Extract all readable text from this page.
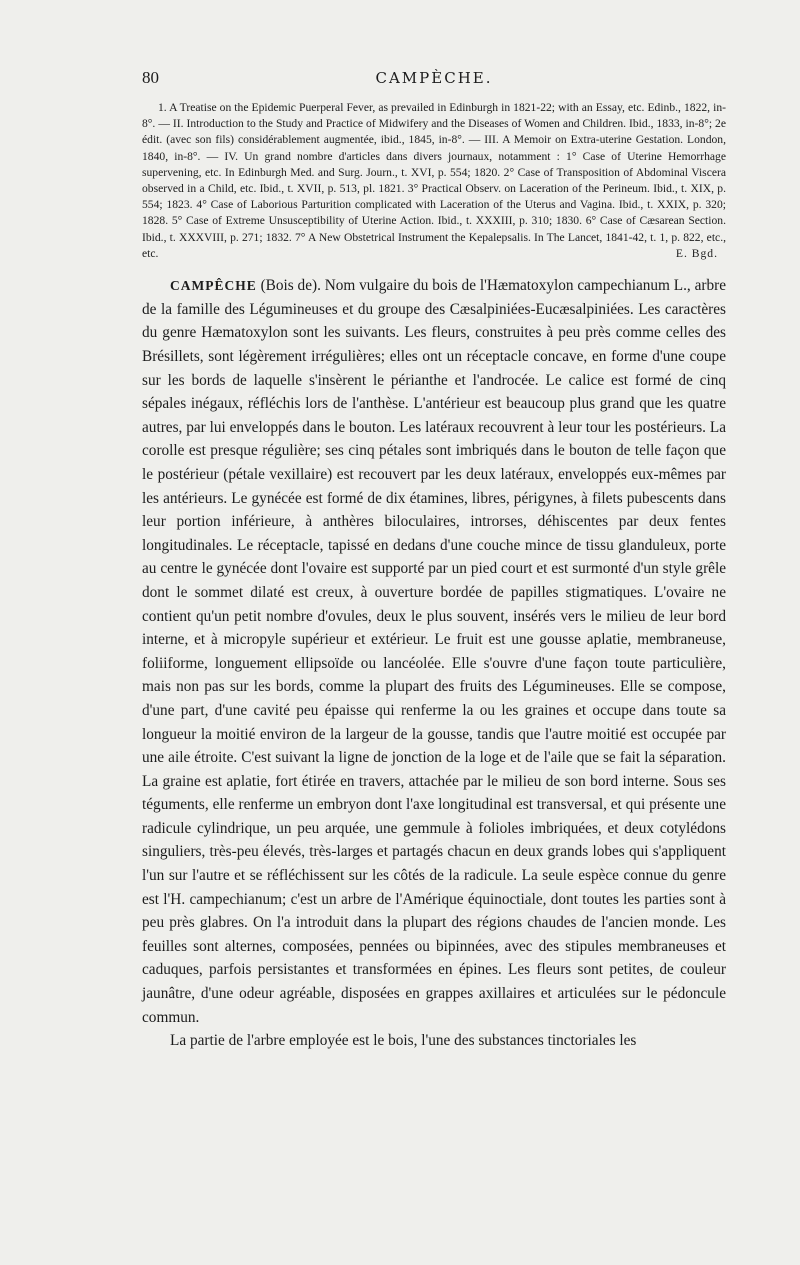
80	CAMPÈCHE.

1. A Treatise on the Epidemic Puerperal Fever, as prevailed in Edinburgh in 1821-22; with an Essay, etc. Edinb., 1822, in-8°. — II. Introduction to the Study and Practice of Midwifery and the Diseases of Women and Children. Ibid., 1833, in-8°; 2e édit. (avec son fils) considérablement augmentée, ibid., 1845, in-8°. — III. A Memoir on Extra-uterine Gestation. London, 1840, in-8°. — IV. Un grand nombre d'articles dans divers journaux, notamment : 1° Case of Uterine Hemorrhage supervening, etc. In Edinburgh Med. and Surg. Journ., t. XVI, p. 554; 1820. 2° Case of Transposition of Abdominal Viscera observed in a Child, etc. Ibid., t. XVII, p. 513, pl. 1821. 3° Practical Observ. on Laceration of the Perineum. Ibid., t. XIX, p. 554; 1823. 4° Case of Laborious Parturition complicated with Laceration of the Uterus and Vagina. Ibid., t. XXIX, p. 320; 1828. 5° Case of Extreme Unsusceptibility of Uterine Action. Ibid., t. XXXIII, p. 310; 1830. 6° Case of Cæsarean Section. Ibid., t. XXXVIII, p. 271; 1832. 7° A New Obstetrical Instrument the Kepalepsalis. In The Lancet, 1841-42, t. 1, p. 822, etc., etc.	E. Bgd.

CAMPÊCHE (Bois de). Nom vulgaire du bois de l'Hæmatoxylon campechianum L., arbre de la famille des Légumineuses et du groupe des Cæsalpiniées-Eucæsalpiniées. Les caractères du genre Hæmatoxylon sont les suivants. Les fleurs, construites à peu près comme celles des Brésillets, sont légèrement irrégulières; elles ont un réceptacle concave, en forme d'une coupe sur les bords de laquelle s'insèrent le périanthe et l'androcée. Le calice est formé de cinq sépales inégaux, réfléchis lors de l'anthèse. L'antérieur est beaucoup plus grand que les quatre autres, par lui enveloppés dans le bouton. Les latéraux recouvrent à leur tour les postérieurs. La corolle est presque régulière; ses cinq pétales sont imbriqués dans le bouton de telle façon que le postérieur (pétale vexillaire) est recouvert par les deux latéraux, enveloppés eux-mêmes par les antérieurs. Le gynécée est formé de dix étamines, libres, périgynes, à filets pubescents dans leur portion inférieure, à anthères biloculaires, introrses, déhiscentes par deux fentes longitudinales. Le réceptacle, tapissé en dedans d'une couche mince de tissu glanduleux, porte au centre le gynécée dont l'ovaire est supporté par un pied court et est surmonté d'un style grêle dont le sommet dilaté est creux, à ouverture bordée de papilles stigmatiques. L'ovaire ne contient qu'un petit nombre d'ovules, deux le plus souvent, insérés vers le milieu de leur bord interne, et à micropyle supérieur et extérieur. Le fruit est une gousse aplatie, membraneuse, foliiforme, longuement ellipsoïde ou lancéolée. Elle s'ouvre d'une façon toute particulière, mais non pas sur les bords, comme la plupart des fruits des Légumineuses. Elle se compose, d'une part, d'une cavité peu épaisse qui renferme la ou les graines et occupe dans toute sa longueur la moitié environ de la largeur de la gousse, tandis que l'autre moitié est occupée par une aile étroite. C'est suivant la ligne de jonction de la loge et de l'aile que se fait la séparation. La graine est aplatie, fort étirée en travers, attachée par le milieu de son bord interne. Sous ses téguments, elle renferme un embryon dont l'axe longitudinal est transversal, et qui présente une radicule cylindrique, un peu arquée, une gemmule à folioles imbriquées, et deux cotylédons singuliers, très-peu élevés, très-larges et partagés chacun en deux grands lobes qui s'appliquent l'un sur l'autre et se réfléchissent sur les côtés de la radicule. La seule espèce connue du genre est l'H. campechianum; c'est un arbre de l'Amérique équinoctiale, dont toutes les parties sont à peu près glabres. On l'a introduit dans la plupart des régions chaudes de l'ancien monde. Les feuilles sont alternes, composées, pennées ou bipinnées, avec des stipules membraneuses et caduques, parfois persistantes et transformées en épines. Les fleurs sont petites, de couleur jaunâtre, d'une odeur agréable, disposées en grappes axillaires et articulées sur le pédoncule commun.

La partie de l'arbre employée est le bois, l'une des substances tinctoriales les
